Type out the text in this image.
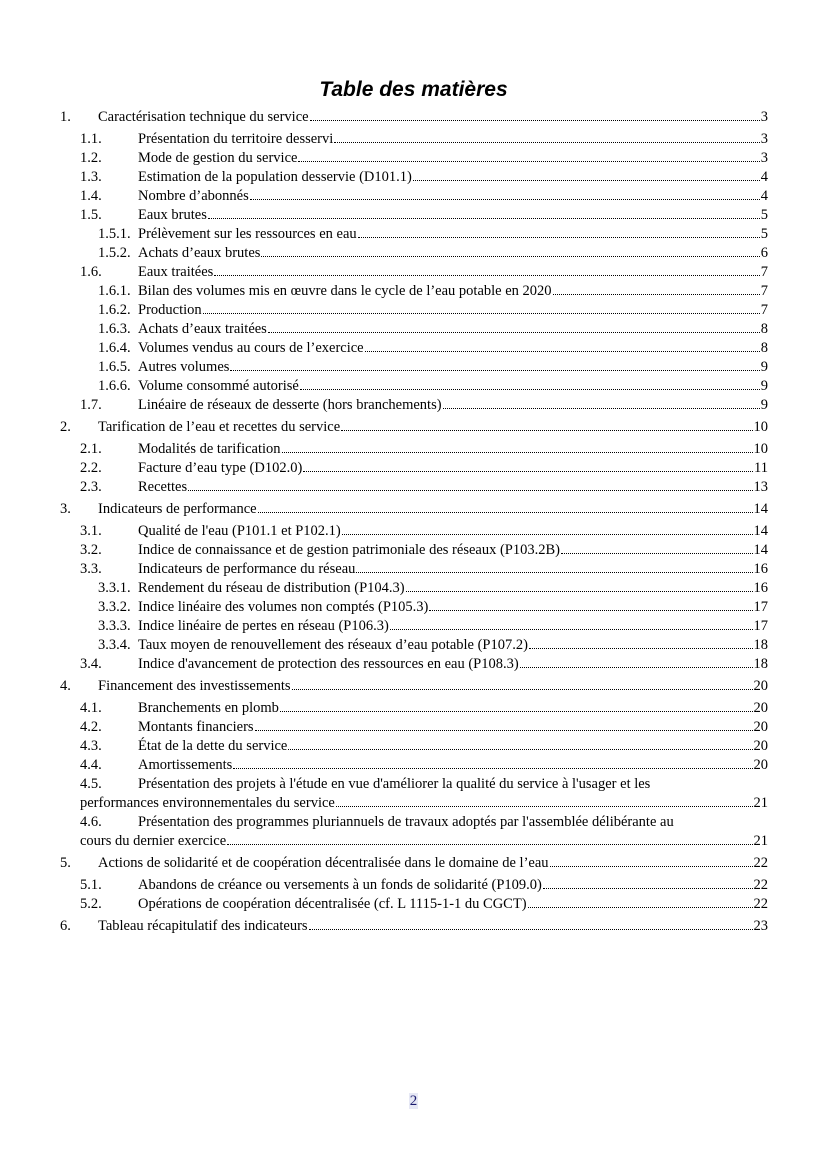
Table des matières
1.	Caractérisation technique du service	3
1.1.	Présentation du territoire desservi	3
1.2.	Mode de gestion du service	3
1.3.	Estimation de la population desservie (D101.1)	4
1.4.	Nombre d’abonnés	4
1.5.	Eaux brutes	5
1.5.1. Prélèvement sur les ressources en eau	5
1.5.2. Achats d’eaux brutes	6
1.6.	Eaux traitées	7
1.6.1. Bilan des volumes mis en œuvre dans le cycle de l’eau potable en 2020	7
1.6.2. Production	7
1.6.3. Achats d’eaux traitées	8
1.6.4. Volumes vendus au cours de l’exercice	8
1.6.5. Autres volumes	9
1.6.6. Volume consommé autorisé	9
1.7.	Linéaire de réseaux de desserte (hors branchements)	9
2.	Tarification de l’eau et recettes du service	10
2.1.	Modalités de tarification	10
2.2.	Facture d’eau type (D102.0)	11
2.3.	Recettes	13
3.	Indicateurs de performance	14
3.1.	Qualité de l'eau (P101.1 et P102.1)	14
3.2.	Indice de connaissance et de gestion patrimoniale des réseaux (P103.2B)	14
3.3.	Indicateurs de performance du réseau	16
3.3.1. Rendement du réseau de distribution (P104.3)	16
3.3.2. Indice linéaire des volumes non comptés (P105.3)	17
3.3.3. Indice linéaire de pertes en réseau (P106.3)	17
3.3.4. Taux moyen de renouvellement des réseaux d’eau potable (P107.2)	18
3.4.	Indice d'avancement de protection des ressources en eau (P108.3)	18
4.	Financement des investissements	20
4.1.	Branchements en plomb	20
4.2.	Montants financiers	20
4.3.	État de la dette du service	20
4.4.	Amortissements	20
4.5.	Présentation des projets à l'étude en vue d'améliorer la qualité du service à l'usager et les
performances environnementales du service	21
4.6.	Présentation des programmes pluriannuels de travaux adoptés par l'assemblée délibérante au
cours du dernier exercice	21
5.	Actions de solidarité et de coopération décentralisée dans le domaine de l’eau	22
5.1.	Abandons de créance ou versements à un fonds de solidarité (P109.0)	22
5.2.	Opérations de coopération décentralisée (cf. L 1115-1-1 du CGCT)	22
6.	Tableau récapitulatif des indicateurs	23
2
